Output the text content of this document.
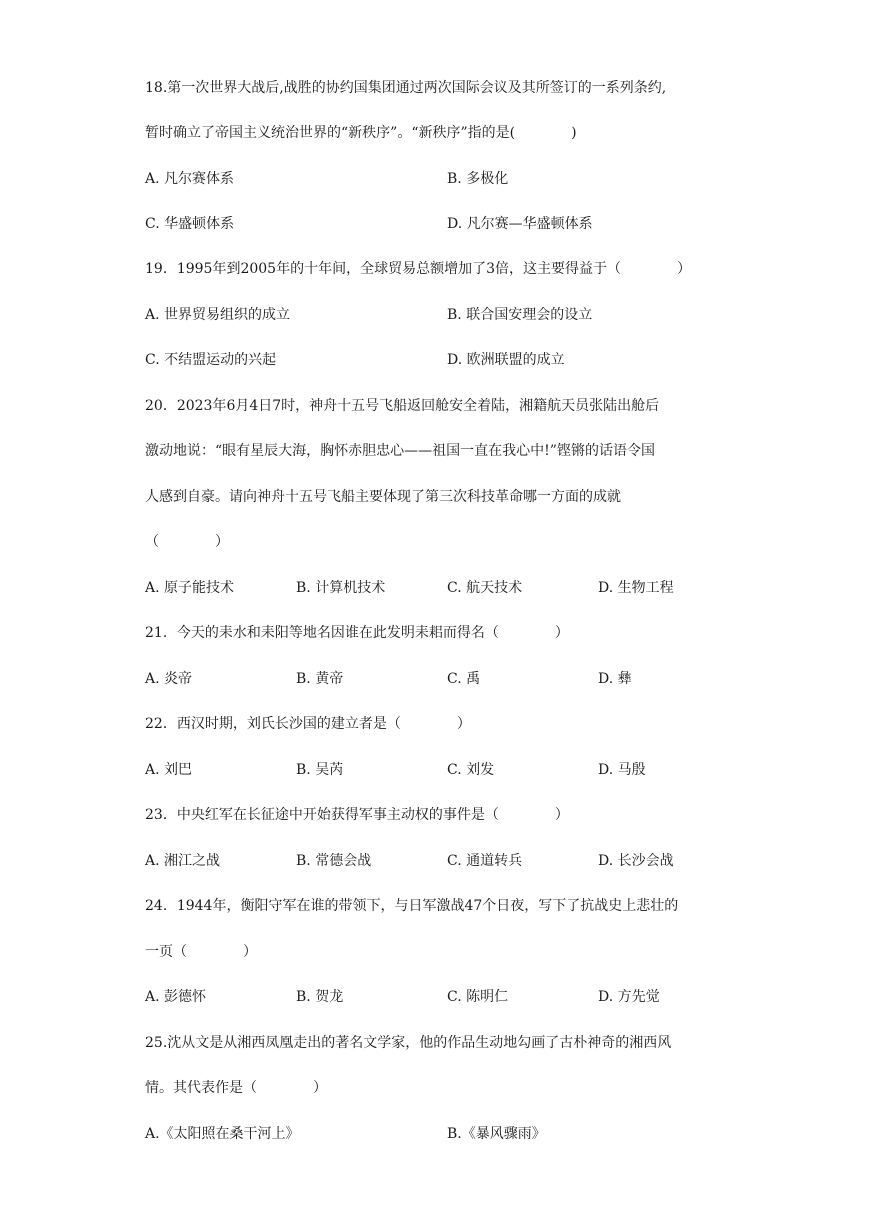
18.第一次世界大战后,战胜的协约国集团通过两次国际会议及其所签订的一系列条约,
暂时确立了帝国主义统治世界的“新秩序”。“新秩序”指的是(　　　　)
A. 凡尔赛体系	B. 多极化
C. 华盛顿体系	D. 凡尔赛—华盛顿体系
19．1995年到2005年的十年间，全球贸易总额增加了3倍，这主要得益于（　　　　）
A. 世界贸易组织的成立	B. 联合国安理会的设立
C. 不结盟运动的兴起	D. 欧洲联盟的成立
20．2023年6月4日7时，神舟十五号飞船返回舱安全着陆，湘籍航天员张陆出舱后
激动地说：“眼有星辰大海，胸怀赤胆忠心——祖国一直在我心中!”铿锵的话语令国
人感到自豪。请向神舟十五号飞船主要体现了第三次科技革命哪一方面的成就
（　　　　）
A. 原子能技术	B. 计算机技术	C. 航天技术	D. 生物工程
21．今天的耒水和耒阳等地名因谁在此发明耒耜而得名（　　　　）
A. 炎帝	B. 黄帝	C. 禹	D. 彝
22．西汉时期，刘氏长沙国的建立者是（　　　　）
A. 刘巴	B. 吴芮	C. 刘发	D. 马殷
23．中央红军在长征途中开始获得军事主动权的事件是（　　　　）
A. 湘江之战	B. 常德会战	C. 通道转兵	D. 长沙会战
24．1944年，衡阳守军在谁的带领下，与日军激战47个日夜，写下了抗战史上悲壮的
一页（　　　　）
A. 彭德怀	B. 贺龙	C. 陈明仁	D. 方先觉
25.沈从文是从湘西凤凰走出的著名文学家，他的作品生动地勾画了古朴神奇的湘西风
情。其代表作是（　　　　）
A.《太阳照在桑干河上》	B.《暴风骤雨》
